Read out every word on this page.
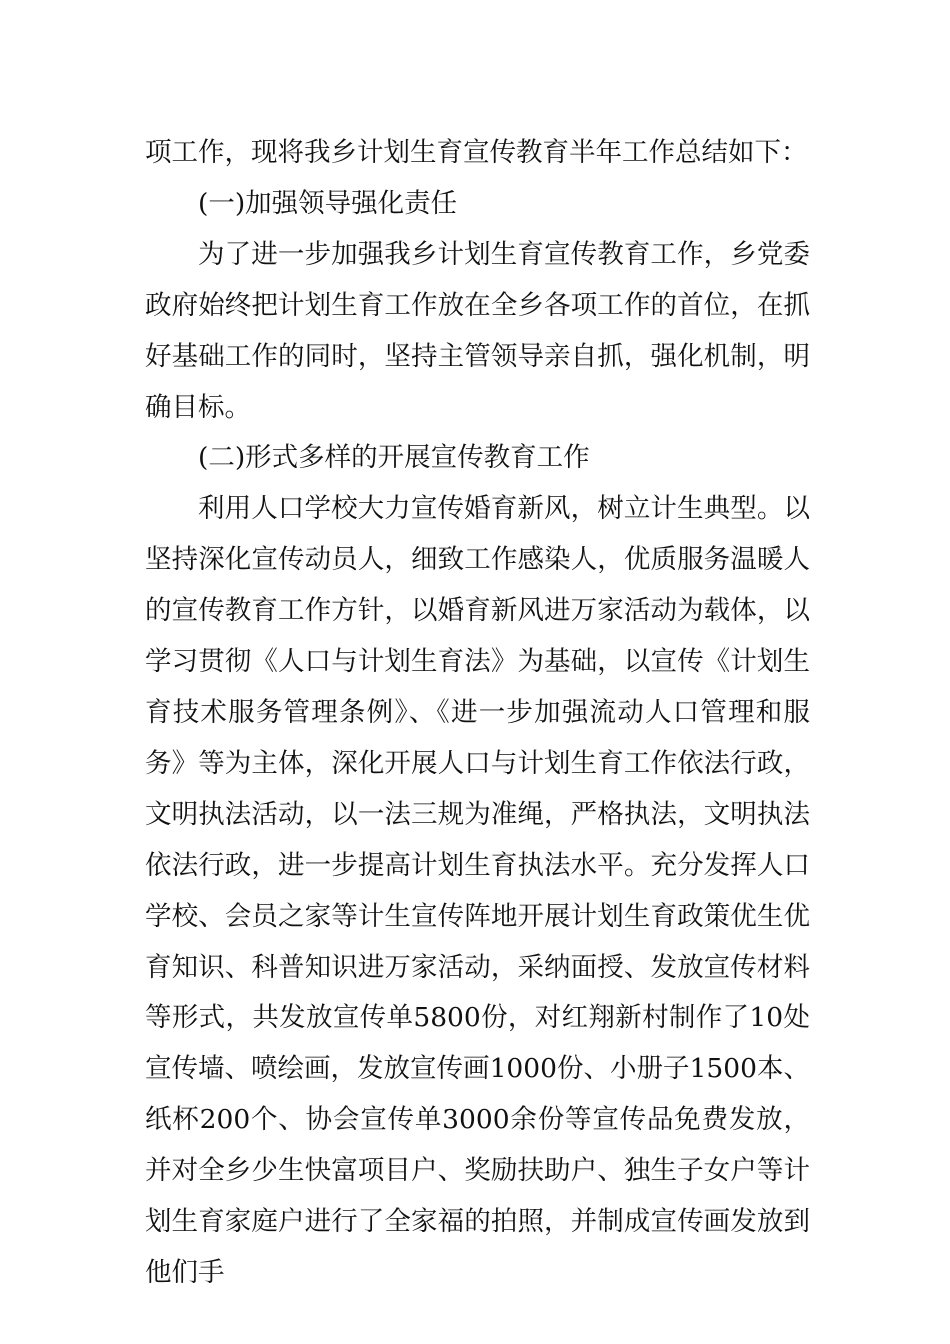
项工作，现将我乡计划生育宣传教育半年工作总结如下：

(一)加强领导强化责任

为了进一步加强我乡计划生育宣传教育工作，乡党委政府始终把计划生育工作放在全乡各项工作的首位，在抓好基础工作的同时，坚持主管领导亲自抓，强化机制，明确目标。

(二)形式多样的开展宣传教育工作

利用人口学校大力宣传婚育新风，树立计生典型。以坚持深化宣传动员人，细致工作感染人，优质服务温暖人的宣传教育工作方针，以婚育新风进万家活动为载体，以学习贯彻《人口与计划生育法》为基础，以宣传《计划生育技术服务管理条例》、《进一步加强流动人口管理和服务》等为主体，深化开展人口与计划生育工作依法行政，文明执法活动，以一法三规为准绳，严格执法，文明执法依法行政，进一步提高计划生育执法水平。充分发挥人口学校、会员之家等计生宣传阵地开展计划生育政策优生优育知识、科普知识进万家活动，采纳面授、发放宣传材料等形式，共发放宣传单5800份，对红翔新村制作了10处宣传墙、喷绘画，发放宣传画1000份、小册子1500本、纸杯200个、协会宣传单3000余份等宣传品免费发放，并对全乡少生快富项目户、奖励扶助户、独生子女户等计划生育家庭户进行了全家福的拍照，并制成宣传画发放到他们手
